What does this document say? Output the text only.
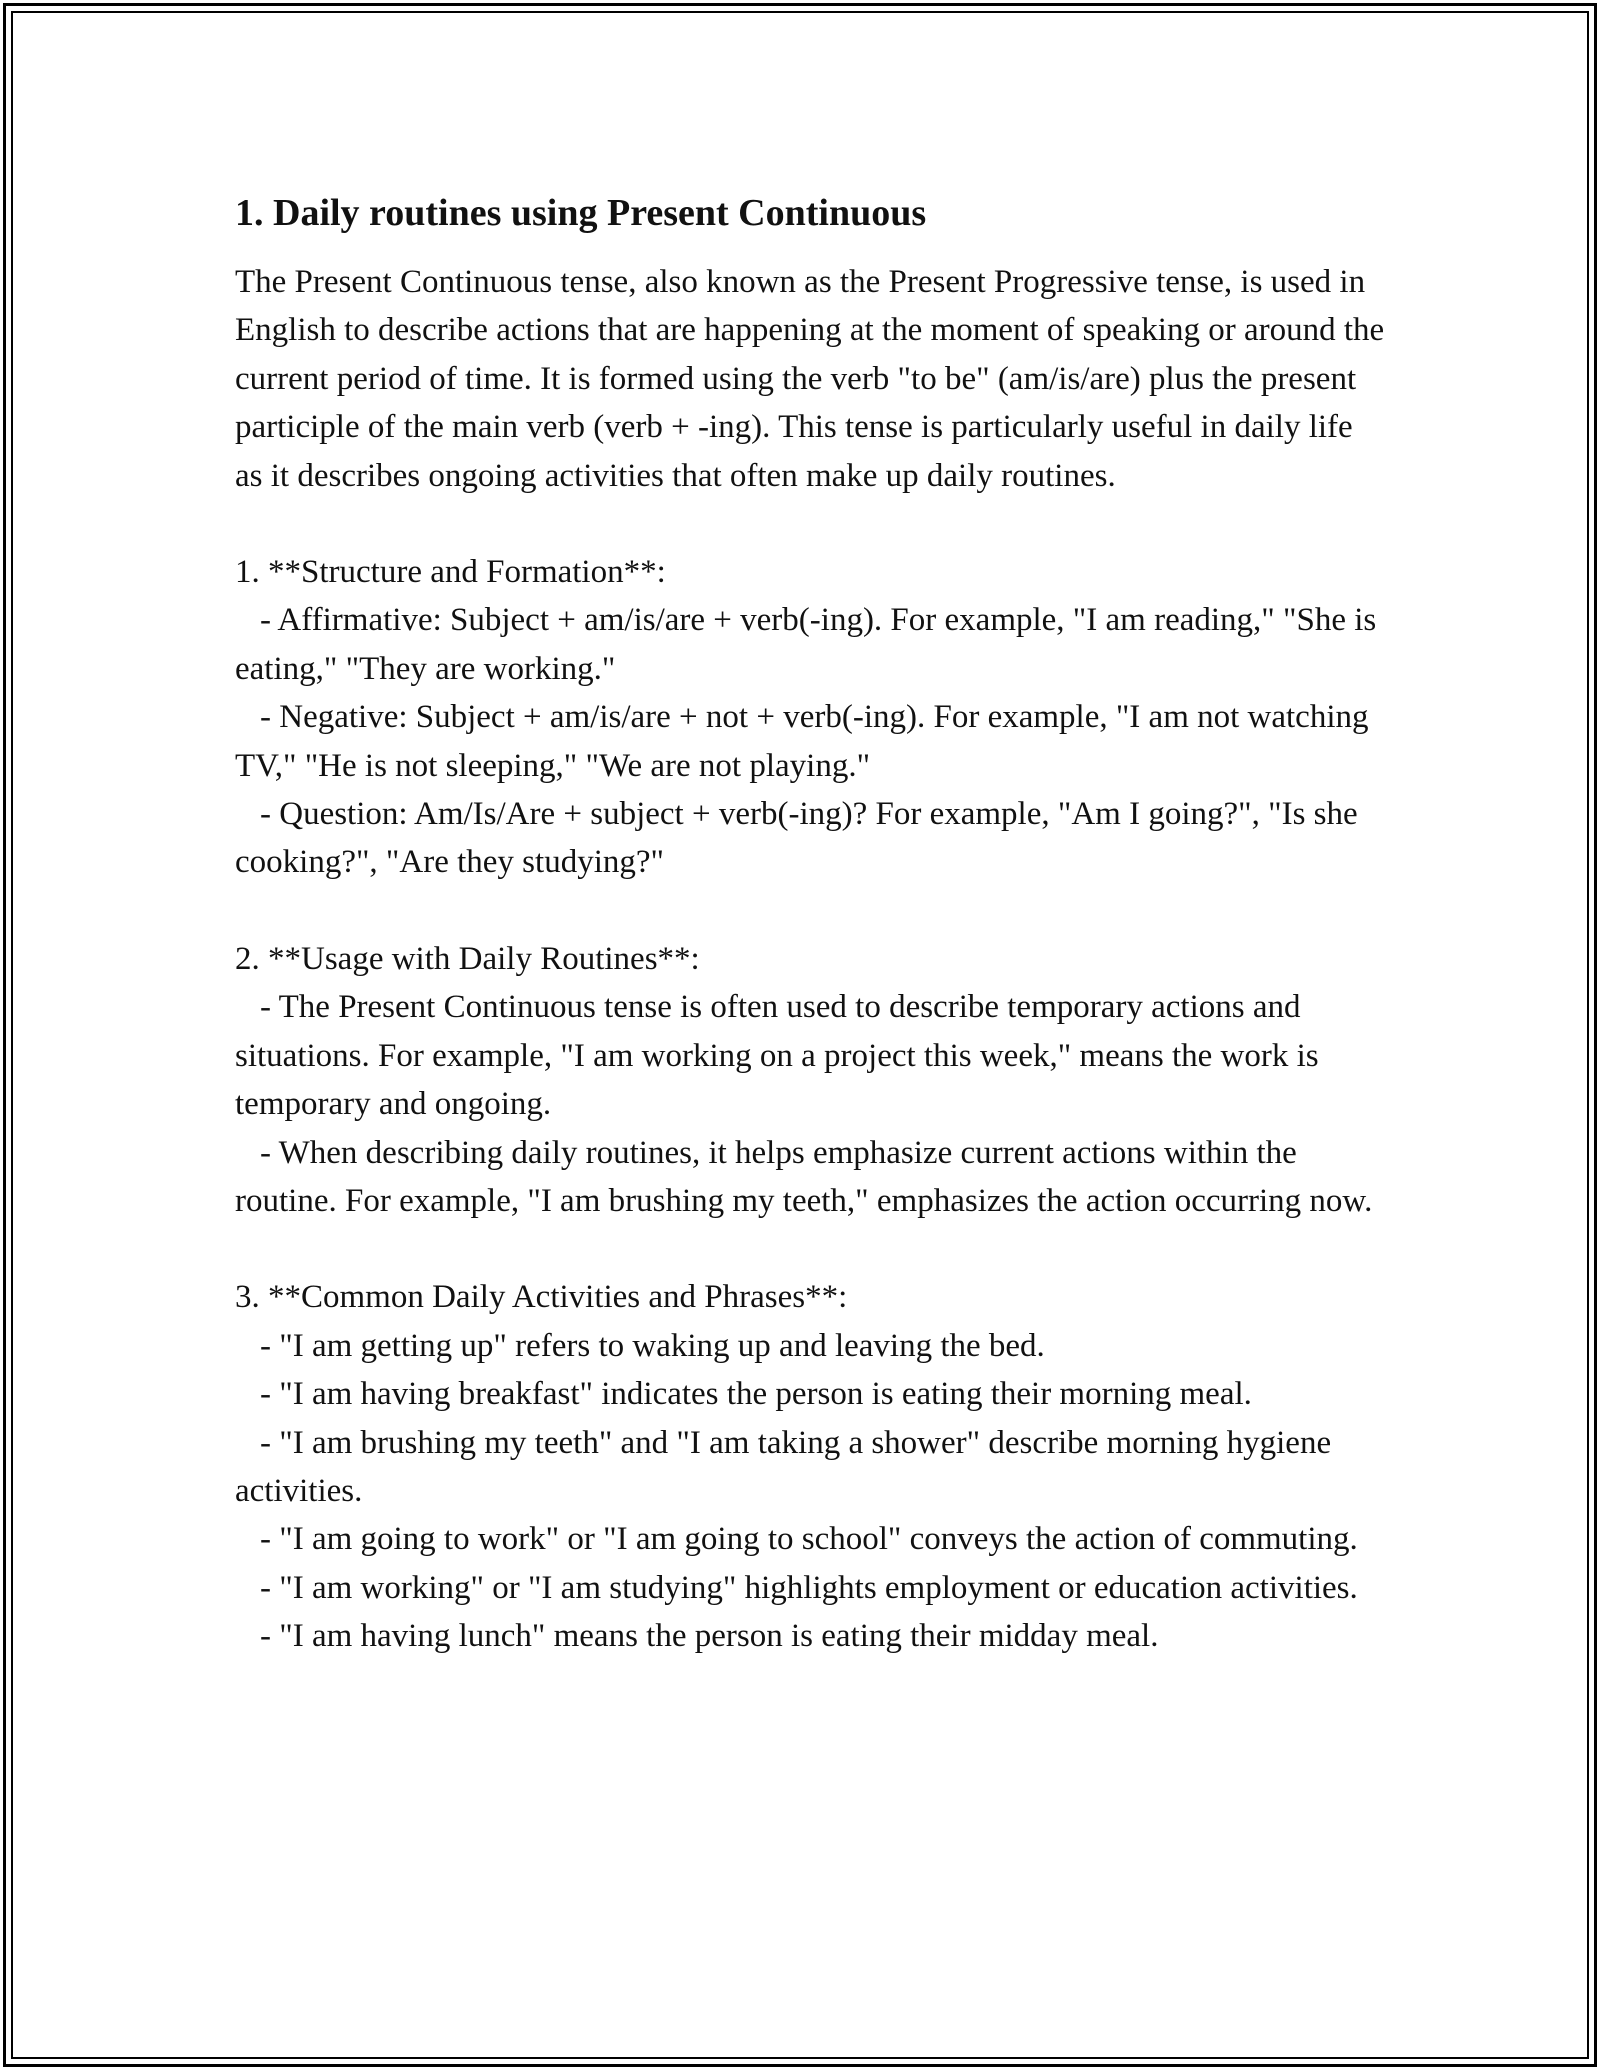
1. Daily routines using Present Continuous

The Present Continuous tense, also known as the Present Progressive tense, is used in English to describe actions that are happening at the moment of speaking or around the current period of time. It is formed using the verb "to be" (am/is/are) plus the present participle of the main verb (verb + -ing). This tense is particularly useful in daily life as it describes ongoing activities that often make up daily routines.

1. **Structure and Formation**:

- Affirmative: Subject + am/is/are + verb(-ing). For example, "I am reading," "She is eating," "They are working."

- Negative: Subject + am/is/are + not + verb(-ing). For example, "I am not watching TV," "He is not sleeping," "We are not playing."

- Question: Am/Is/Are + subject + verb(-ing)? For example, "Am I going?", "Is she cooking?", "Are they studying?"

2. **Usage with Daily Routines**:

- The Present Continuous tense is often used to describe temporary actions and situations. For example, "I am working on a project this week," means the work is temporary and ongoing.

- When describing daily routines, it helps emphasize current actions within the routine. For example, "I am brushing my teeth," emphasizes the action occurring now.

3. **Common Daily Activities and Phrases**:

- "I am getting up" refers to waking up and leaving the bed.

- "I am having breakfast" indicates the person is eating their morning meal.

- "I am brushing my teeth" and "I am taking a shower" describe morning hygiene activities.

- "I am going to work" or "I am going to school" conveys the action of commuting.

- "I am working" or "I am studying" highlights employment or education activities.

- "I am having lunch" means the person is eating their midday meal.
